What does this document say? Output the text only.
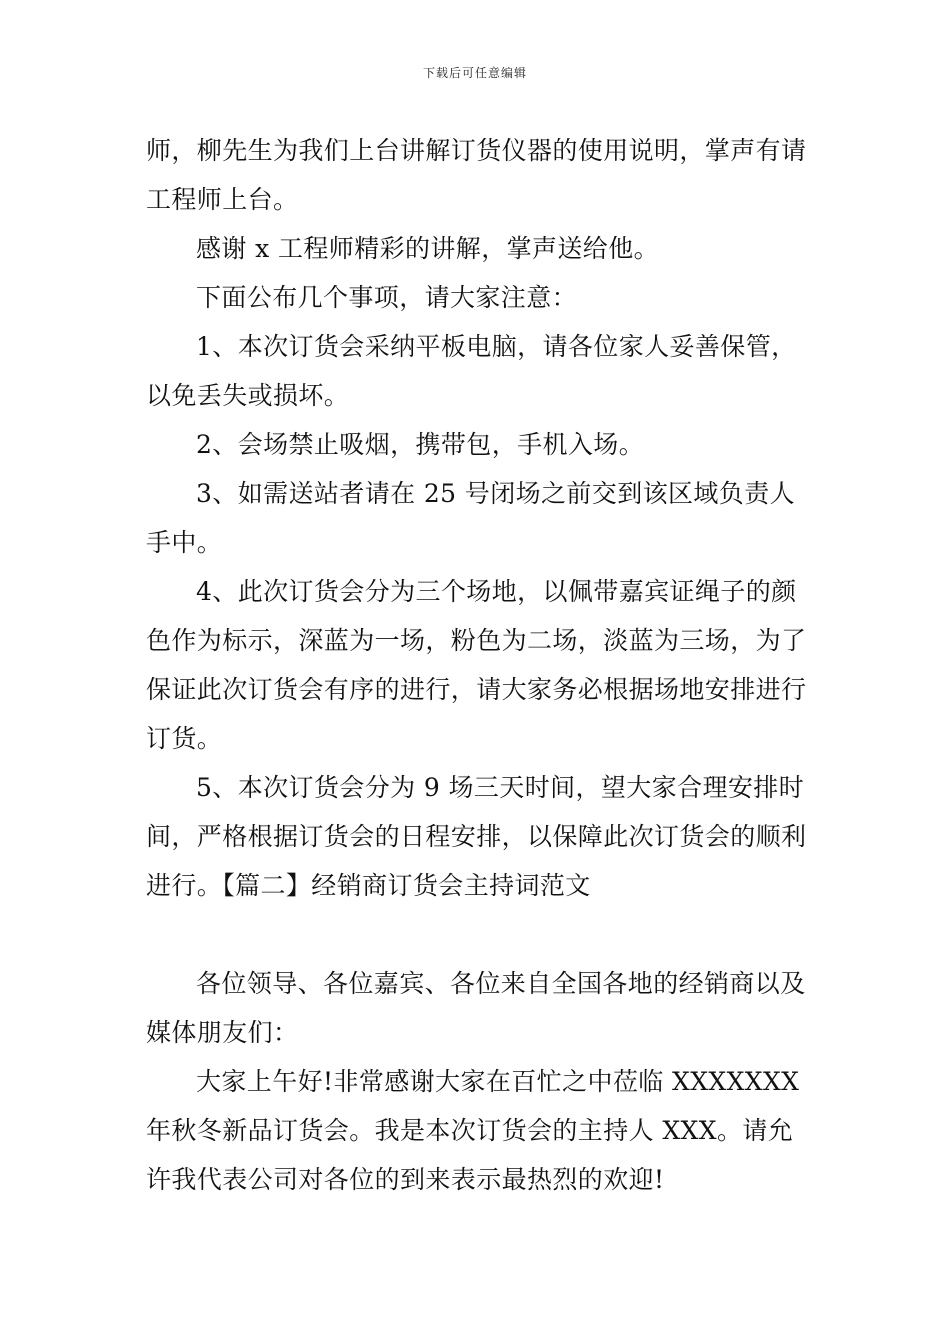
下载后可任意编辑

师，柳先生为我们上台讲解订货仪器的使用说明，掌声有请工程师上台。

感谢 x 工程师精彩的讲解，掌声送给他。

下面公布几个事项，请大家注意：

1、本次订货会采纳平板电脑，请各位家人妥善保管，以免丢失或损坏。

2、会场禁止吸烟，携带包，手机入场。

3、如需送站者请在 25 号闭场之前交到该区域负责人手中。

4、此次订货会分为三个场地，以佩带嘉宾证绳子的颜色作为标示，深蓝为一场，粉色为二场，淡蓝为三场，为了保证此次订货会有序的进行，请大家务必根据场地安排进行订货。

5、本次订货会分为 9 场三天时间，望大家合理安排时间，严格根据订货会的日程安排，以保障此次订货会的顺利进行。【篇二】经销商订货会主持词范文

各位领导、各位嘉宾、各位来自全国各地的经销商以及媒体朋友们：

大家上午好!非常感谢大家在百忙之中莅临 XXXXXXX 年秋冬新品订货会。我是本次订货会的主持人 XXX。请允许我代表公司对各位的到来表示最热烈的欢迎!
